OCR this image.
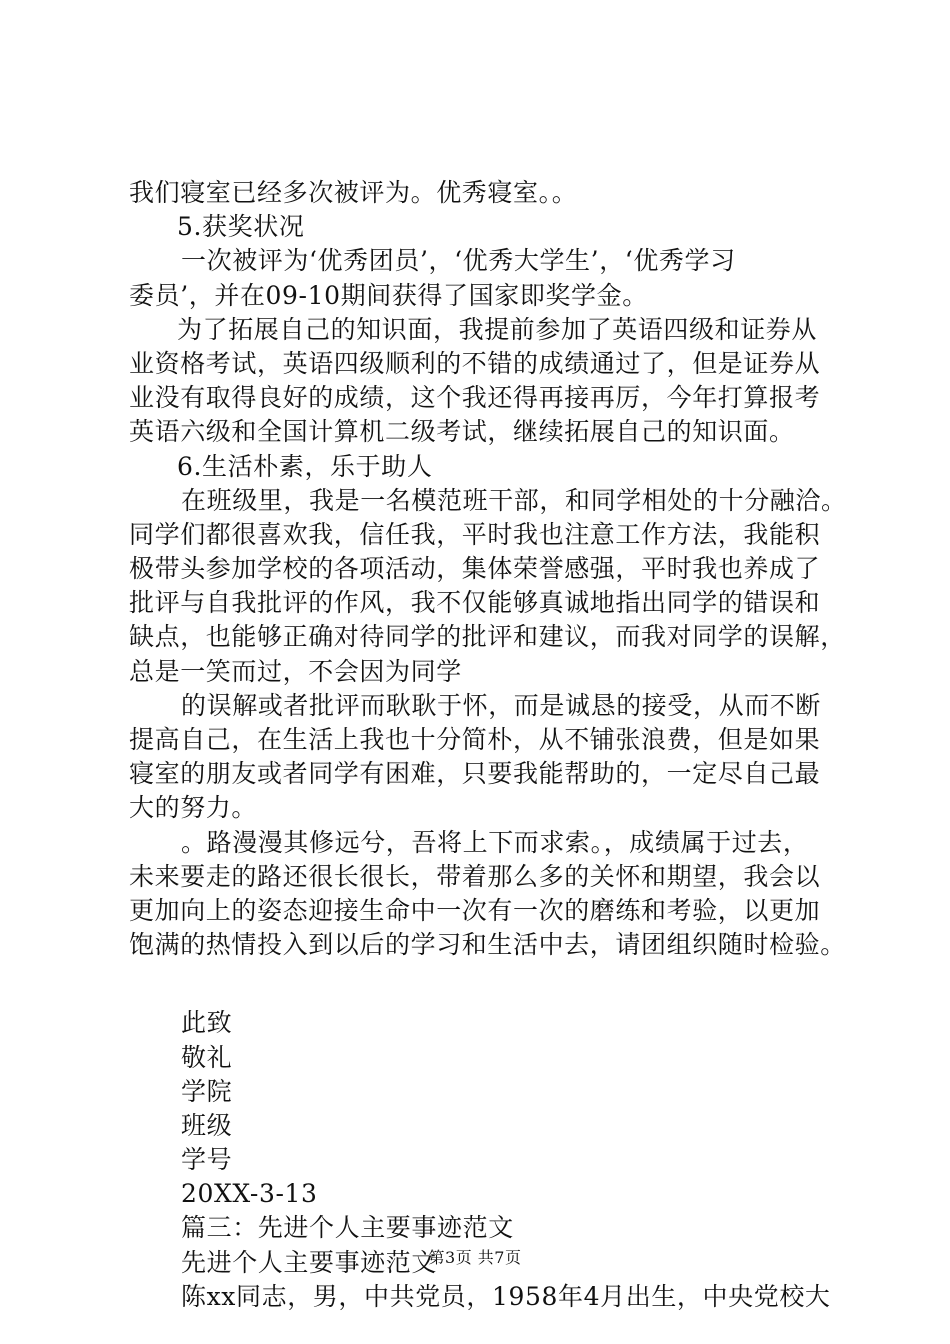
我们寝室已经多次被评为。优秀寝室。。
5.获奖状况
一次被评为‘优秀团员’，‘优秀大学生’，‘优秀学习
委员’，并在09-10期间获得了国家即奖学金。
为了拓展自己的知识面，我提前参加了英语四级和证券从
业资格考试，英语四级顺利的不错的成绩通过了，但是证券从
业没有取得良好的成绩，这个我还得再接再厉，今年打算报考
英语六级和全国计算机二级考试，继续拓展自己的知识面。
6.生活朴素，乐于助人
在班级里，我是一名模范班干部，和同学相处的十分融洽。
同学们都很喜欢我，信任我，平时我也注意工作方法，我能积
极带头参加学校的各项活动，集体荣誉感强，平时我也养成了
批评与自我批评的作风，我不仅能够真诚地指出同学的错误和
缺点，也能够正确对待同学的批评和建议，而我对同学的误解，
总是一笑而过，不会因为同学
的误解或者批评而耿耿于怀，而是诚恳的接受，从而不断
提高自己，在生活上我也十分简朴，从不铺张浪费，但是如果
寝室的朋友或者同学有困难，只要我能帮助的，一定尽自己最
大的努力。
。路漫漫其修远兮，吾将上下而求索。，成绩属于过去，
未来要走的路还很长很长，带着那么多的关怀和期望，我会以
更加向上的姿态迎接生命中一次有一次的磨练和考验，以更加
饱满的热情投入到以后的学习和生活中去，请团组织随时检验。
此致
敬礼
学院
班级
学号
20XX-3-13
篇三：先进个人主要事迹范文
先进个人主要事迹范文
陈xx同志，男，中共党员，1958年4月出生，中央党校大
第3页 共7页
